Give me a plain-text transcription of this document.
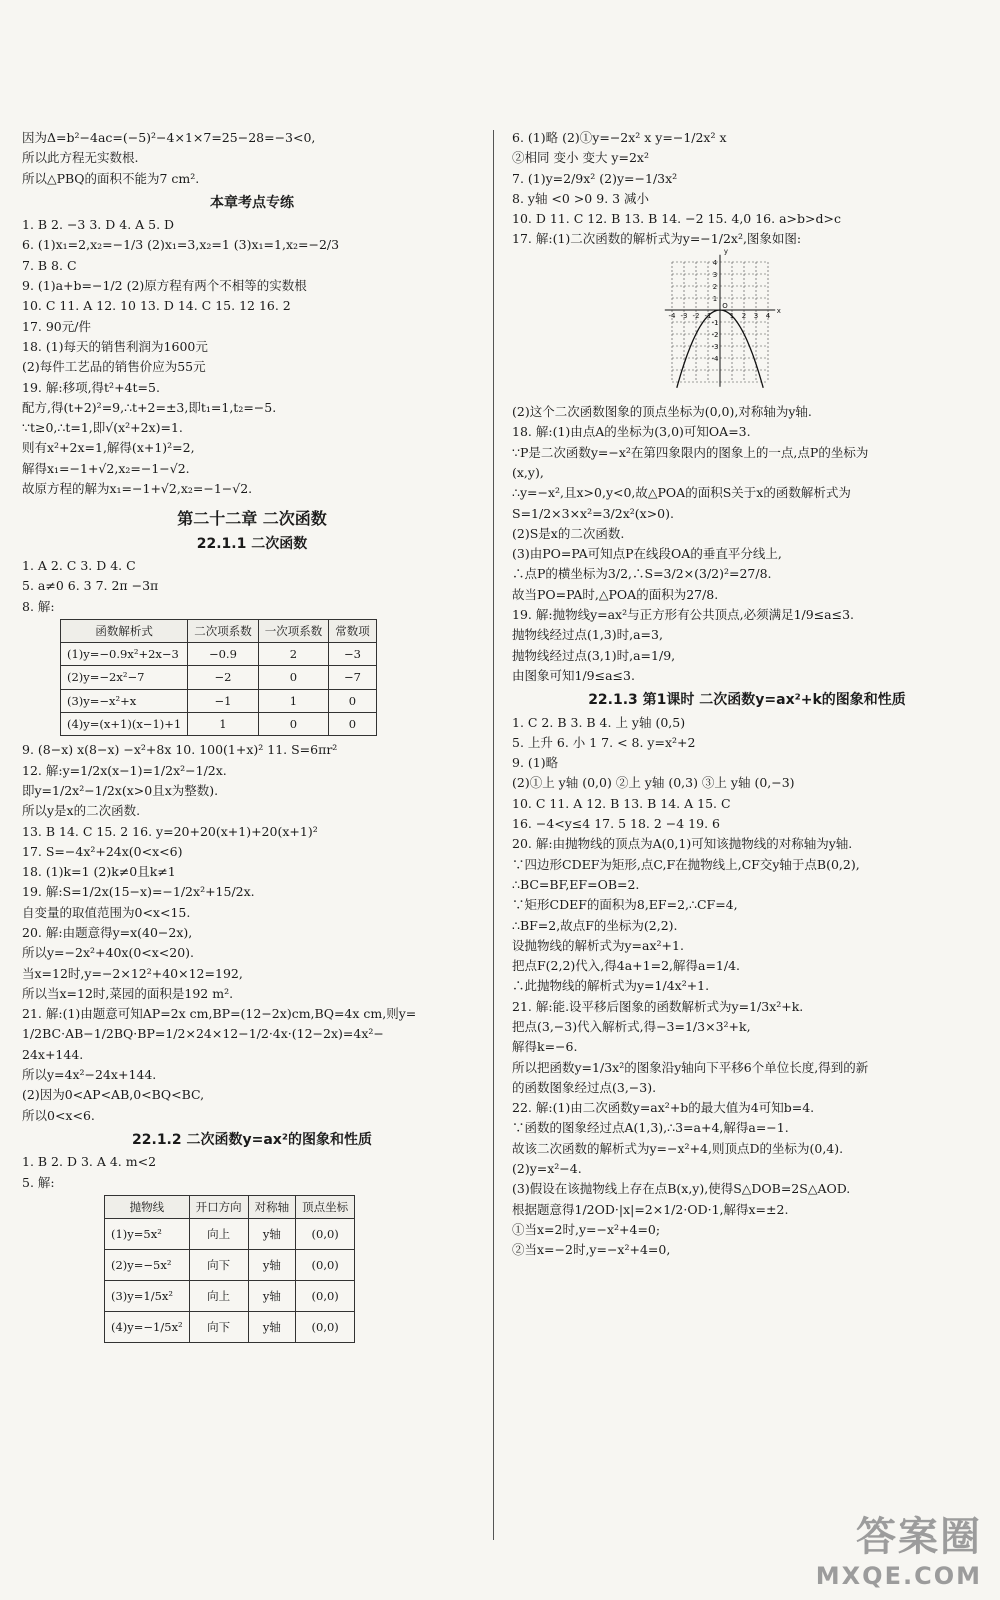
因为Δ=b²−4ac=(−5)²−4×1×7=25−28=−3<0,
所以此方程无实数根.
所以△PBQ的面积不能为7 cm².
本章考点专练
1. B 2. −3 3. D 4. A 5. D
6. (1)x₁=2,x₂=−1/3 (2)x₁=3,x₂=1 (3)x₁=1,x₂=−2/3
7. B 8. C
9. (1)a+b=−1/2 (2)原方程有两个不相等的实数根
10. C 11. A 12. 10 13. D 14. C 15. 12 16. 2
17. 90元/件
18. (1)每天的销售利润为1600元
(2)每件工艺品的销售价应为55元
19. 解:移项,得t²+4t=5.
配方,得(t+2)²=9,∴t+2=±3,即t₁=1,t₂=−5.
∵t≥0,∴t=1,即√(x²+2x)=1.
则有x²+2x=1,解得(x+1)²=2,
解得x₁=−1+√2,x₂=−1−√2.
故原方程的解为x₁=−1+√2,x₂=−1−√2.
第二十二章 二次函数
22.1.1 二次函数
1. A 2. C 3. D 4. C
5. a≠0 6. 3 7. 2π −3π
8. 解:
函数解析式	二次项系数	一次项系数	常数项
(1)y=−0.9x²+2x−3	−0.9	2	−3
(2)y=−2x²−7	−2	0	−7
(3)y=−x²+x	−1	1	0
(4)y=(x+1)(x−1)+1	1	0	0
9. (8−x) x(8−x) −x²+8x 10. 100(1+x)² 11. S=6πr²
12. 解:y=1/2x(x−1)=1/2x²−1/2x.
即y=1/2x²−1/2x(x>0且x为整数).
所以y是x的二次函数.
13. B 14. C 15. 2 16. y=20+20(x+1)+20(x+1)²
17. S=−4x²+24x(0<x<6)
18. (1)k=1 (2)k≠0且k≠1
19. 解:S=1/2x(15−x)=−1/2x²+15/2x.
自变量的取值范围为0<x<15.
20. 解:由题意得y=x(40−2x),
所以y=−2x²+40x(0<x<20).
当x=12时,y=−2×12²+40×12=192,
所以当x=12时,菜园的面积是192 m².
21. 解:(1)由题意可知AP=2x cm,BP=(12−2x)cm,BQ=4x cm,则y=
1/2BC·AB−1/2BQ·BP=1/2×24×12−1/2·4x·(12−2x)=4x²−
24x+144.
所以y=4x²−24x+144.
(2)因为0<AP<AB,0<BQ<BC,
所以0<x<6.
22.1.2 二次函数y=ax²的图象和性质
1. B 2. D 3. A 4. m<2
5. 解:
抛物线	开口方向	对称轴	顶点坐标
(1)y=5x²	向上	y轴	(0,0)
(2)y=−5x²	向下	y轴	(0,0)
(3)y=1/5x²	向上	y轴	(0,0)
(4)y=−1/5x²	向下	y轴	(0,0)
6. (1)略 (2)①y=−2x² x y=−1/2x² x
②相同 变小 变大 y=2x²
7. (1)y=2/9x² (2)y=−1/3x²
8. y轴 <0 >0 9. 3 减小
10. D 11. C 12. B 13. B 14. −2 15. 4,0 16. a>b>d>c
17. 解:(1)二次函数的解析式为y=−1/2x²,图象如图:
x
y
O
-4 -3 -2 -1	1 2 3 4
4
3
2
1
-1
-2
-3
-4
(2)这个二次函数图象的顶点坐标为(0,0),对称轴为y轴.
18. 解:(1)由点A的坐标为(3,0)可知OA=3.
∵P是二次函数y=−x²在第四象限内的图象上的一点,点P的坐标为
(x,y),
∴y=−x²,且x>0,y<0,故△POA的面积S关于x的函数解析式为
S=1/2×3×x²=3/2x²(x>0).
(2)S是x的二次函数.
(3)由PO=PA可知点P在线段OA的垂直平分线上,
∴点P的横坐标为3/2,∴S=3/2×(3/2)²=27/8.
故当PO=PA时,△POA的面积为27/8.
19. 解:抛物线y=ax²与正方形有公共顶点,必须满足1/9≤a≤3.
抛物线经过点(1,3)时,a=3,
抛物线经过点(3,1)时,a=1/9,
由图象可知1/9≤a≤3.
22.1.3 第1课时 二次函数y=ax²+k的图象和性质
1. C 2. B 3. B 4. 上 y轴 (0,5)
5. 上升 6. 小 1 7. < 8. y=x²+2
9. (1)略
(2)①上 y轴 (0,0) ②上 y轴 (0,3) ③上 y轴 (0,−3)
10. C 11. A 12. B 13. B 14. A 15. C
16. −4<y≤4 17. 5 18. 2 −4 19. 6
20. 解:由抛物线的顶点为A(0,1)可知该抛物线的对称轴为y轴.
∵四边形CDEF为矩形,点C,F在抛物线上,CF交y轴于点B(0,2),
∴BC=BF,EF=OB=2.
∵矩形CDEF的面积为8,EF=2,∴CF=4,
∴BF=2,故点F的坐标为(2,2).
设抛物线的解析式为y=ax²+1.
把点F(2,2)代入,得4a+1=2,解得a=1/4.
∴此抛物线的解析式为y=1/4x²+1.
21. 解:能.设平移后图象的函数解析式为y=1/3x²+k.
把点(3,−3)代入解析式,得−3=1/3×3²+k,
解得k=−6.
所以把函数y=1/3x²的图象沿y轴向下平移6个单位长度,得到的新
的函数图象经过点(3,−3).
22. 解:(1)由二次函数y=ax²+b的最大值为4可知b=4.
∵函数的图象经过点A(1,3),∴3=a+4,解得a=−1.
故该二次函数的解析式为y=−x²+4,则顶点D的坐标为(0,4).
(2)y=x²−4.
(3)假设在该抛物线上存在点B(x,y),使得S△DOB=2S△AOD.
根据题意得1/2OD·|x|=2×1/2·OD·1,解得x=±2.
①当x=2时,y=−x²+4=0;
②当x=−2时,y=−x²+4=0,
答案圈
MXQE.COM
